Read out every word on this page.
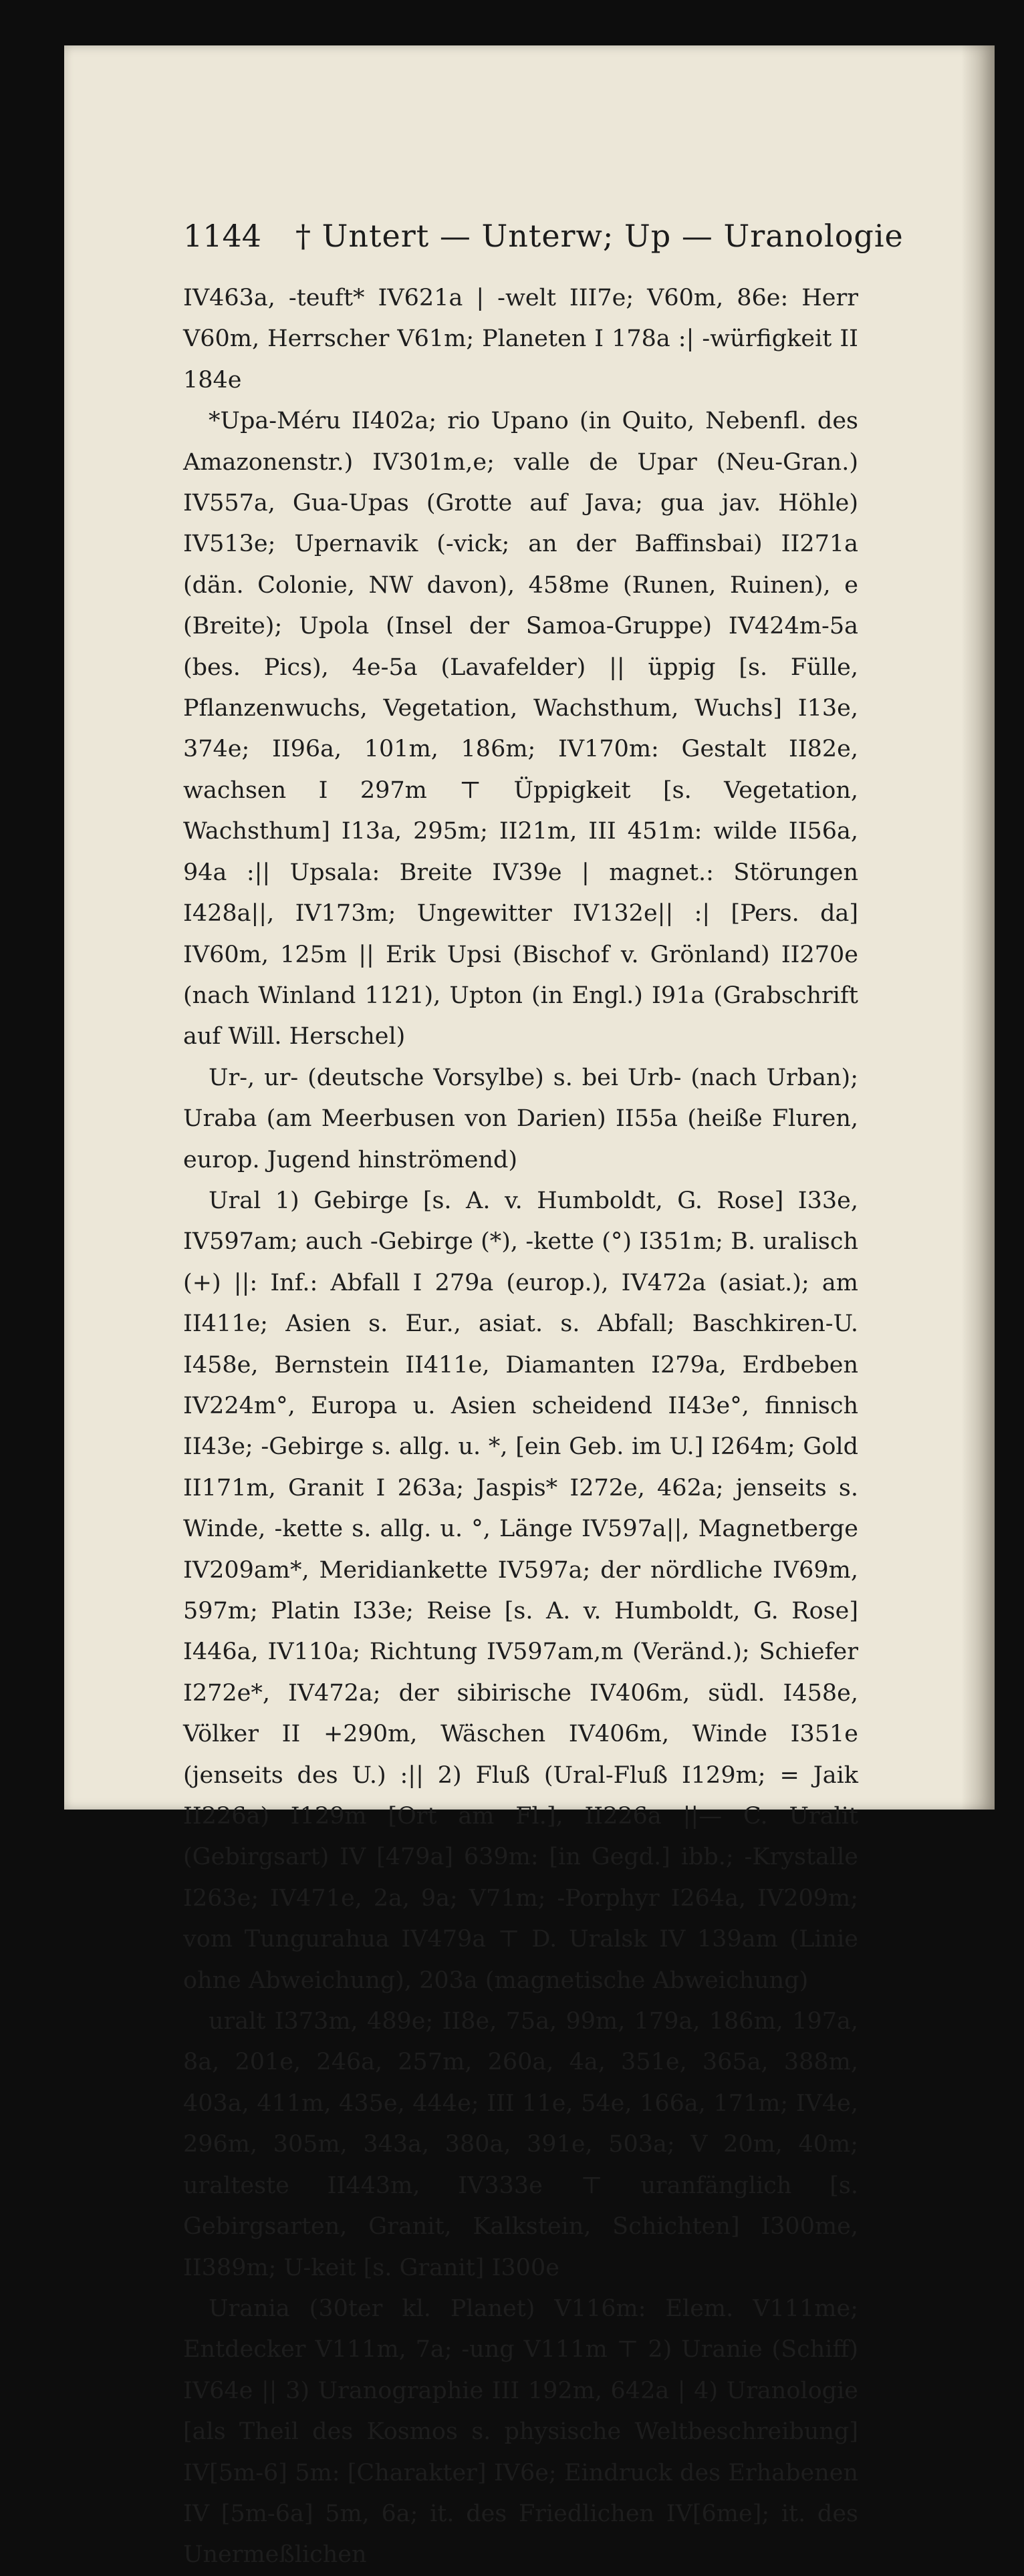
1144 † Untert — Unterw; Up — Uranologie

IV463a, -teuft* IV621a | -welt III7e; V60m, 86e: Herr V60m, Herrscher V61m; Planeten I 178a :| -würfigkeit II 184e

*Upa-Méru II402a; rio Upano (in Quito, Nebenfl. des Amazonenstr.) IV301m,e; valle de Upar (Neu-Gran.) IV557a, Gua-Upas (Grotte auf Java; gua jav. Höhle) IV513e; Upernavik (-vick; an der Baffinsbai) II271a (dän. Colonie, NW davon), 458me (Runen, Ruinen), e (Breite); Upola (Insel der Samoa-Gruppe) IV424m-5a (bes. Pics), 4e-5a (Lavafelder) || üppig [s. Fülle, Pflanzenwuchs, Vegetation, Wachsthum, Wuchs] I13e, 374e; II96a, 101m, 186m; IV170m: Gestalt II82e, wachsen I 297m ⊤ Üppigkeit [s. Vegetation, Wachsthum] I13a, 295m; II21m, III 451m: wilde II56a, 94a :|| Upsala: Breite IV39e | magnet.: Störungen I428a||, IV173m; Ungewitter IV132e|| :| [Pers. da] IV60m, 125m || Erik Upsi (Bischof v. Grönland) II270e (nach Winland 1121), Upton (in Engl.) I91a (Grabschrift auf Will. Herschel)

Ur-, ur- (deutsche Vorsylbe) s. bei Urb- (nach Urban); Uraba (am Meerbusen von Darien) II55a (heiße Fluren, europ. Jugend hinströmend)

Ural 1) Gebirge [s. A. v. Humboldt, G. Rose] I33e, IV597am; auch -Gebirge (*), -kette (°) I351m; B. uralisch (+) ||: Inf.: Abfall I 279a (europ.), IV472a (asiat.); am II411e; Asien s. Eur., asiat. s. Abfall; Baschkiren-U. I458e, Bernstein II411e, Diamanten I279a, Erdbeben IV224m°, Europa u. Asien scheidend II43e°, finnisch II43e; -Gebirge s. allg. u. *, [ein Geb. im U.] I264m; Gold II171m, Granit I 263a; Jaspis* I272e, 462a; jenseits s. Winde, -kette s. allg. u. °, Länge IV597a||, Magnetberge IV209am*, Meridiankette IV597a; der nördliche IV69m, 597m; Platin I33e; Reise [s. A. v. Humboldt, G. Rose] I446a, IV110a; Richtung IV597am,m (Veränd.); Schiefer I272e*, IV472a; der sibirische IV406m, südl. I458e, Völker II +290m, Wäschen IV406m, Winde I351e (jenseits des U.) :|| 2) Fluß (Ural-Fluß I129m; = Jaik II226a) I129m [Ort am Fl.], II226a ||— C. Uralit (Gebirgsart) IV [479a] 639m: [in Gegd.] ibb.; -Krystalle I263e; IV471e, 2a, 9a; V71m; -Porphyr I264a, IV209m; vom Tungurahua IV479a ⊤ D. Uralsk IV 139am (Linie ohne Abweichung), 203a (magnetische Abweichung)

uralt I373m, 489e; II8e, 75a, 99m, 179a, 186m, 197a, 8a, 201e, 246a, 257m, 260a, 4a, 351e, 365a, 388m, 403a, 411m, 435e, 444e; III 11e, 54e, 166a, 171m; IV4e, 296m, 305m, 343a, 380a, 391e, 503a; V 20m, 40m; uralteste II443m, IV333e ⊤ uranfänglich [s. Gebirgsarten, Granit, Kalkstein, Schichten] I300me, II389m; U-keit [s. Granit] I300e

Urania (30ter kl. Planet) V116m: Elem. V111me; Entdecker V111m, 7a; -ung V111m ⊤ 2) Uranie (Schiff) IV64e || 3) Uranographie III 192m, 642a | 4) Uranologie [als Theil des Kosmos s. physische Weltbeschreibung] IV[5m-6] 5m: [Charakter] IV6e; Eindruck des Erhabenen IV [5m-6a] 5m, 6a; it. des Friedlichen IV[6me]; it. des Unermeßlichen
